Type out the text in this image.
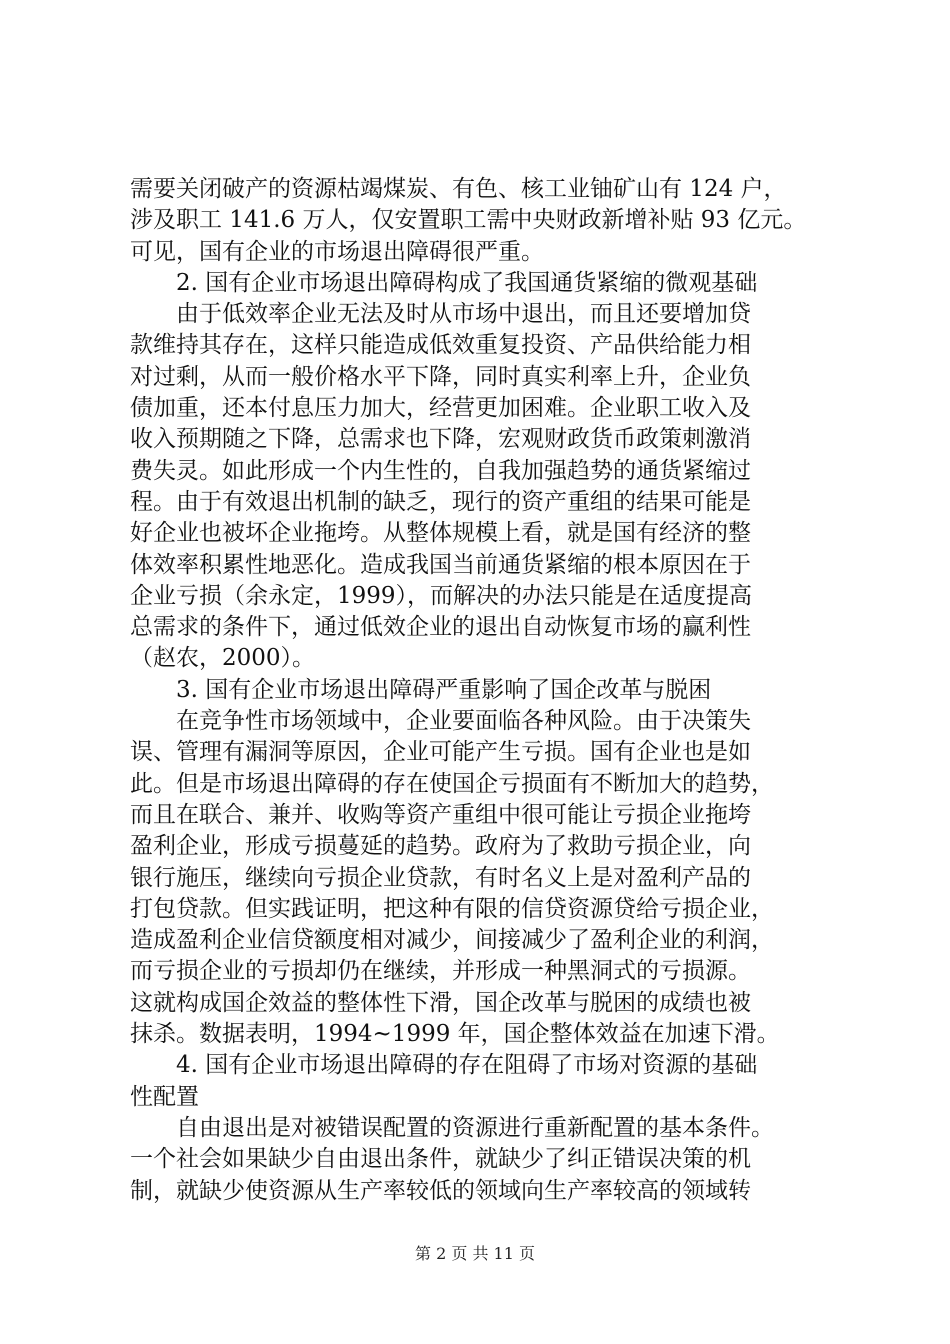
需要关闭破产的资源枯竭煤炭、有色、核工业铀矿山有 124 户，
涉及职工 141.6 万人，仅安置职工需中央财政新增补贴 93 亿元。
可见，国有企业的市场退出障碍很严重。
2. 国有企业市场退出障碍构成了我国通货紧缩的微观基础
由于低效率企业无法及时从市场中退出，而且还要增加贷
款维持其存在，这样只能造成低效重复投资、产品供给能力相
对过剩，从而一般价格水平下降，同时真实利率上升，企业负
债加重，还本付息压力加大，经营更加困难。企业职工收入及
收入预期随之下降，总需求也下降，宏观财政货币政策刺激消
费失灵。如此形成一个内生性的，自我加强趋势的通货紧缩过
程。由于有效退出机制的缺乏，现行的资产重组的结果可能是
好企业也被坏企业拖垮。从整体规模上看，就是国有经济的整
体效率积累性地恶化。造成我国当前通货紧缩的根本原因在于
企业亏损（余永定，1999），而解决的办法只能是在适度提高
总需求的条件下，通过低效企业的退出自动恢复市场的赢利性
（赵农，2000）。
3. 国有企业市场退出障碍严重影响了国企改革与脱困
在竞争性市场领域中，企业要面临各种风险。由于决策失
误、管理有漏洞等原因，企业可能产生亏损。国有企业也是如
此。但是市场退出障碍的存在使国企亏损面有不断加大的趋势，
而且在联合、兼并、收购等资产重组中很可能让亏损企业拖垮
盈利企业，形成亏损蔓延的趋势。政府为了救助亏损企业，向
银行施压，继续向亏损企业贷款，有时名义上是对盈利产品的
打包贷款。但实践证明，把这种有限的信贷资源贷给亏损企业，
造成盈利企业信贷额度相对减少，间接减少了盈利企业的利润，
而亏损企业的亏损却仍在继续，并形成一种黑洞式的亏损源。
这就构成国企效益的整体性下滑，国企改革与脱困的成绩也被
抹杀。数据表明，1994~1999 年，国企整体效益在加速下滑。
4. 国有企业市场退出障碍的存在阻碍了市场对资源的基础
性配置
自由退出是对被错误配置的资源进行重新配置的基本条件。
一个社会如果缺少自由退出条件，就缺少了纠正错误决策的机
制，就缺少使资源从生产率较低的领域向生产率较高的领域转
第 2 页 共 11 页
